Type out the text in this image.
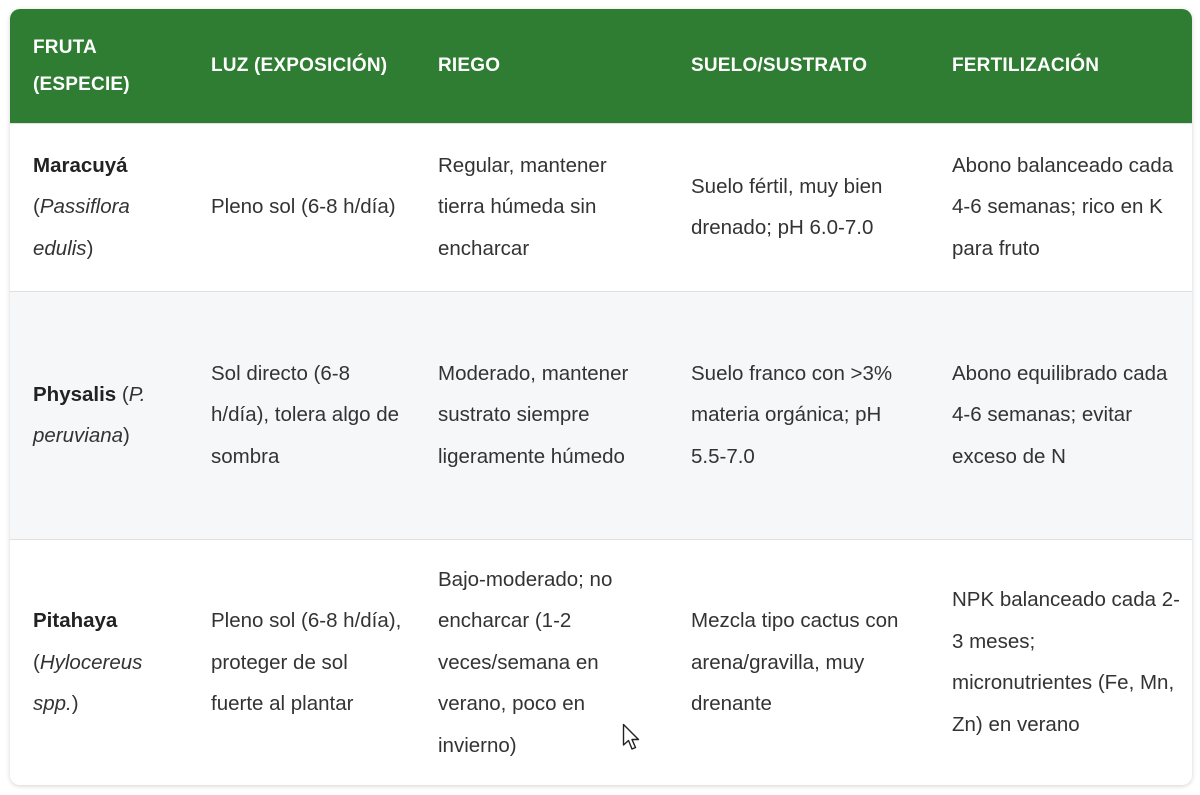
FRUTA (ESPECIE)	LUZ (EXPOSICIÓN)	RIEGO	SUELO/SUSTRATO	FERTILIZACIÓN
Maracuyá (Passiflora edulis)	Pleno sol (6-8 h/día)	Regular, mantener tierra húmeda sin encharcar	Suelo fértil, muy bien drenado; pH 6.0-7.0	Abono balanceado cada 4-6 semanas; rico en K para fruto
Physalis (P. peruviana)	Sol directo (6-8 h/día), tolera algo de sombra	Moderado, mantener sustrato siempre ligeramente húmedo	Suelo franco con >3% materia orgánica; pH 5.5-7.0	Abono equilibrado cada 4-6 semanas; evitar exceso de N
Pitahaya (Hylocereus spp.)	Pleno sol (6-8 h/día), proteger de sol fuerte al plantar	Bajo-moderado; no encharcar (1-2 veces/semana en verano, poco en invierno)	Mezcla tipo cactus con arena/gravilla, muy drenante	NPK balanceado cada 2-3 meses; micronutrientes (Fe, Mn, Zn) en verano
